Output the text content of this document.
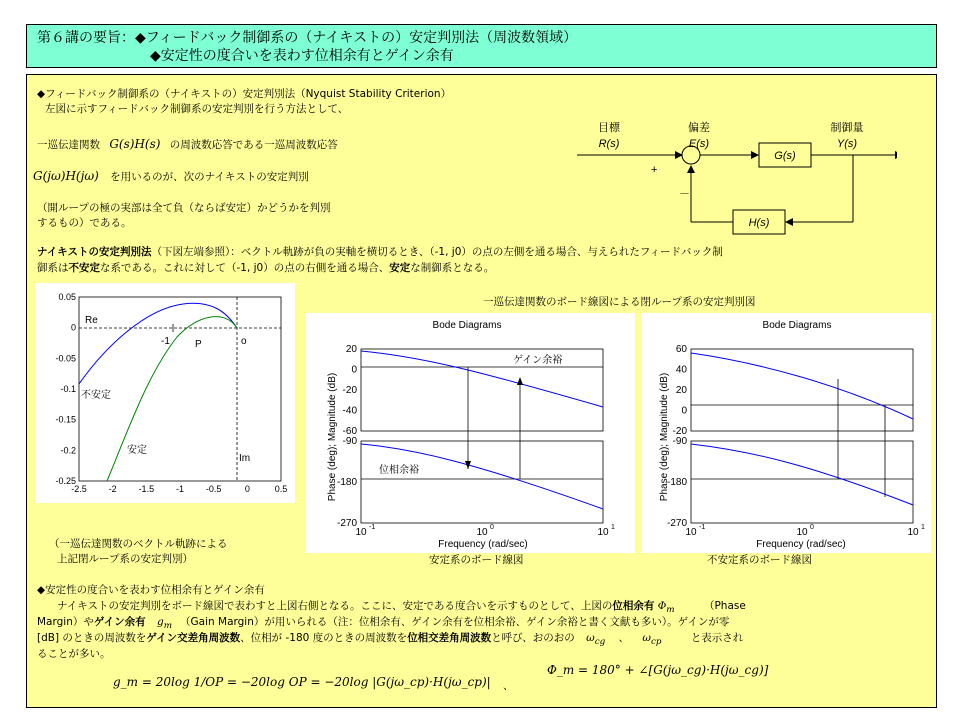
第６講の要旨：◆フィードバック制御系の（ナイキストの）安定判別法（周波数領域）
◆安定性の度合いを表わす位相余有とゲイン余有
◆フィードバック制御系の（ナイキストの）安定判別法（Nyquist Stability Criterion）
左図に示すフィードバック制御系の安定判別を行う方法として、
一巡伝達関数 G(s)H(s) の周波数応答である一巡周波数応答
G(jω)H(jω) を用いるのが、次のナイキストの安定判別
（開ループの極の実部は全て負（ならば安定）かどうかを判別
するもの）である。
目標
R(s)
偏差
E(s)
制御量
Y(s)
+
－
G(s)
H(s)
ナイキストの安定判別法（下図左端参照）：ベクトル軌跡が負の実軸を横切るとき、（-1, j0）の点の左側を通る場合、与えられたフィードバック制
御系は不安定な系である。これに対して（-1, j0）の点の右側を通る場合、安定な制御系となる。
0.05
0
-0.05
-0.1
-0.15
-0.2
-0.25
-2.5 -2 -1.5 -1 -0.5	0	0.5
Re
Im
-1	P	o
不安定
安定
（一巡伝達関数のベクトル軌跡による
上記閉ループ系の安定判別）
一巡伝達関数のボード線図による閉ループ系の安定判別図
Bode Diagrams
ゲイン余裕
位相余裕
20
0
-20
-40
-60
-90
-180
-270
10 -1	10 0	10 1
Frequency (rad/sec)
Phase (deg); Magnitude (dB)
安定系のボード線図
Bode Diagrams
60
40
20
0
-20
-90
-180
-270
10 -1	10 0	10 1
Frequency (rad/sec)
Phase (deg); Magnitude (dB)
不安定系のボード線図
◆安定性の度合いを表わす位相余有とゲイン余有
ナイキストの安定判別をボード線図で表わすと上図右側となる。ここに、安定である度合いを示すものとして、上図の位相余有 $\Phi_m$	（Phase
Margin）やゲイン余有 $g_m$ （Gain Margin）が用いられる（注：位相余有、ゲイン余有を位相余裕、ゲイン余裕と書く文献も多い）。ゲインが零
[dB] のときの周波数をゲイン交差角周波数、位相が -180 度のときの周波数を位相交差角周波数と呼び、おのおの $\omega_{cg}$ 、 $\omega_{cp}$	と表示され
ることが多い。
g_m = 20log 1/OP = −20log OP = −20log |G(jω_cp)·H(jω_cp)| 、
Φ_m = 180° + ∠[G(jω_cg)·H(jω_cg)]
